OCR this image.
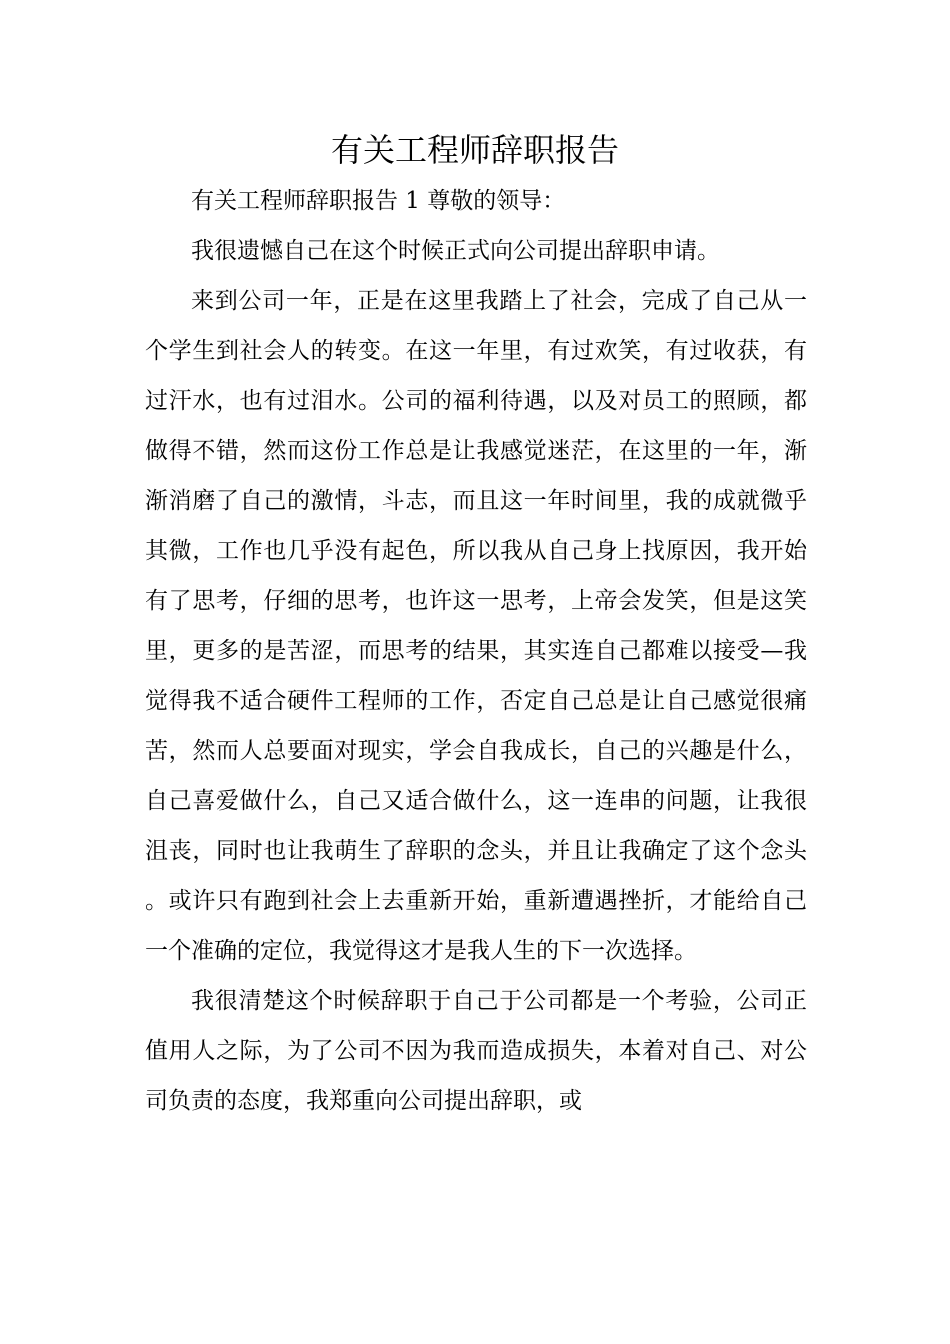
有关工程师辞职报告

有关工程师辞职报告 1 尊敬的领导：

我很遗憾自己在这个时候正式向公司提出辞职申请。

来到公司一年，正是在这里我踏上了社会，完成了自己从一个学生到社会人的转变。在这一年里，有过欢笑，有过收获，有过汗水，也有过泪水。公司的福利待遇，以及对员工的照顾，都做得不错，然而这份工作总是让我感觉迷茫，在这里的一年，渐渐消磨了自己的激情，斗志，而且这一年时间里，我的成就微乎其微，工作也几乎没有起色，所以我从自己身上找原因，我开始有了思考，仔细的思考，也许这一思考，上帝会发笑，但是这笑里，更多的是苦涩，而思考的结果，其实连自己都难以接受—我觉得我不适合硬件工程师的工作，否定自己总是让自己感觉很痛苦，然而人总要面对现实，学会自我成长，自己的兴趣是什么，自己喜爱做什么，自己又适合做什么，这一连串的问题，让我很沮丧，同时也让我萌生了辞职的念头，并且让我确定了这个念头。或许只有跑到社会上去重新开始，重新遭遇挫折，才能给自己一个准确的定位，我觉得这才是我人生的下一次选择。

我很清楚这个时候辞职于自己于公司都是一个考验，公司正值用人之际，为了公司不因为我而造成损失，本着对自己、对公司负责的态度，我郑重向公司提出辞职，或
